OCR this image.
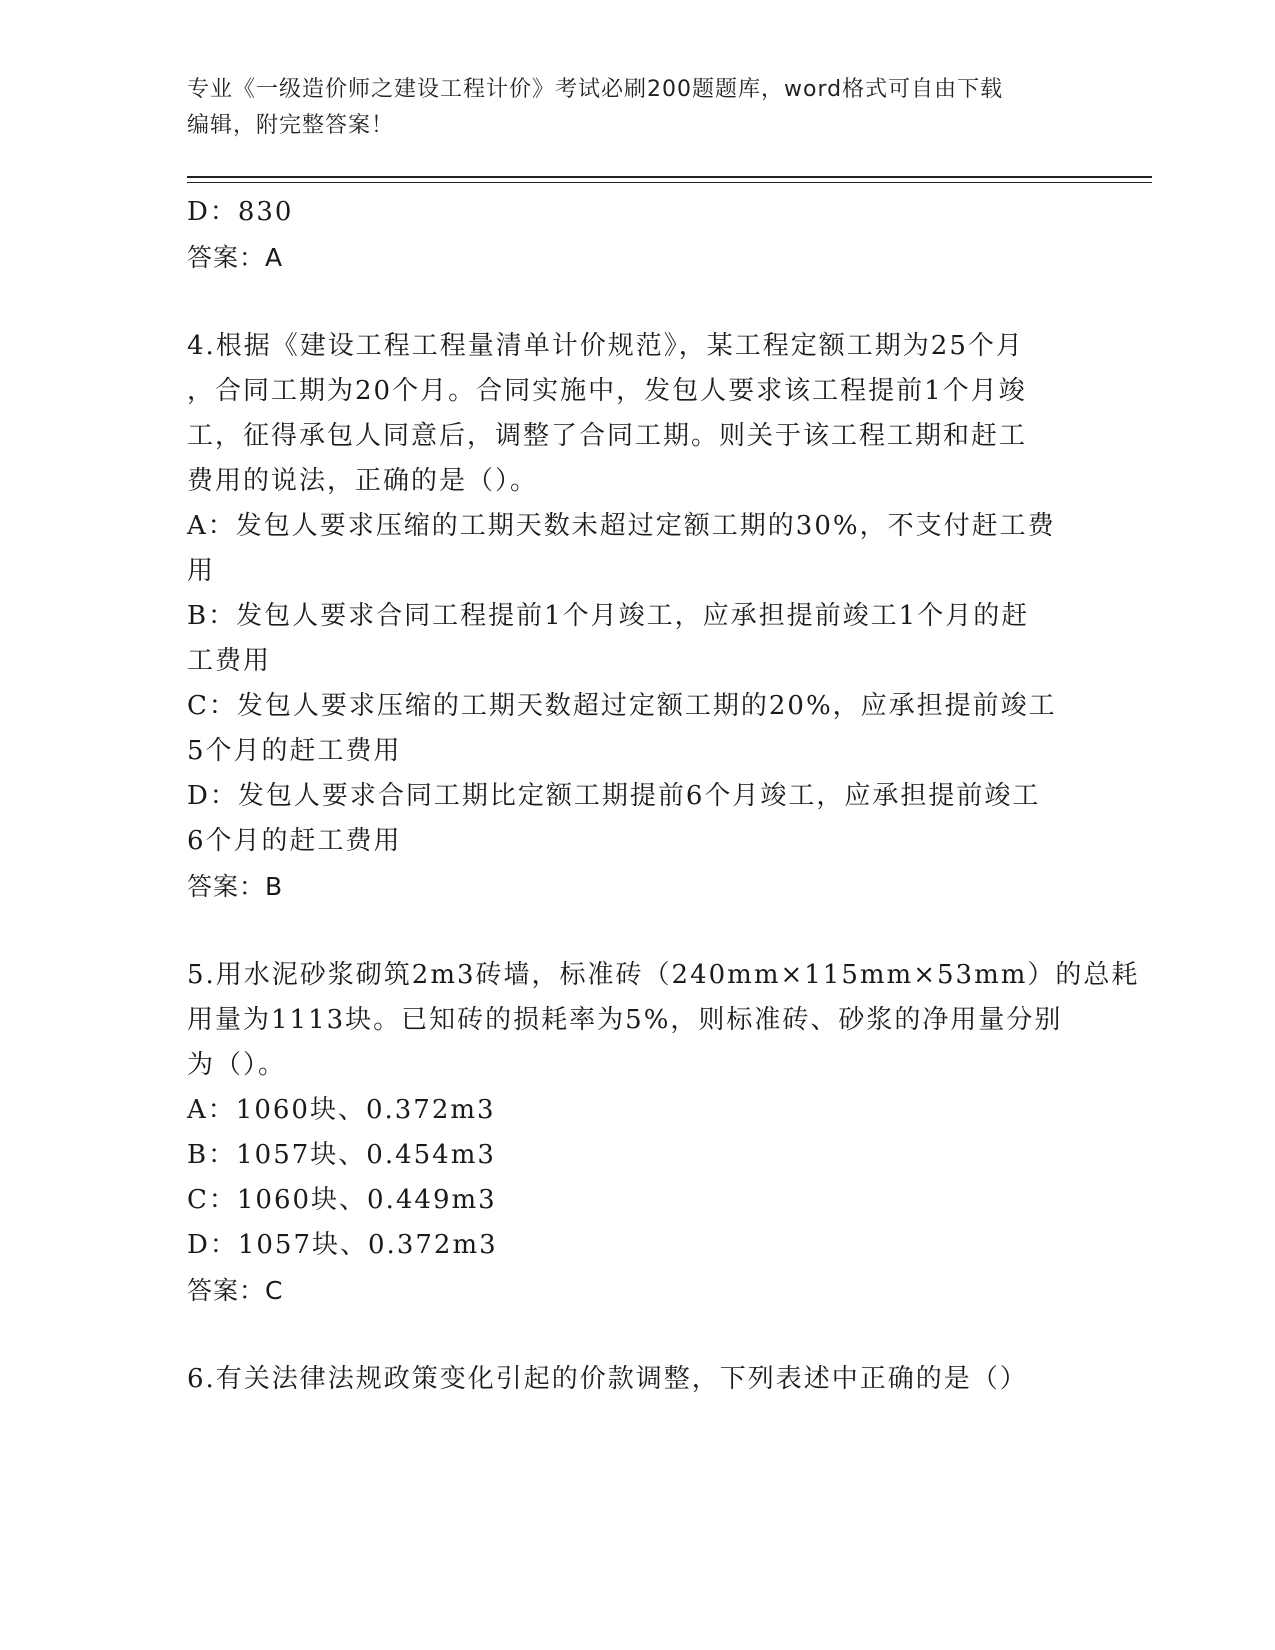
专业《一级造价师之建设工程计价》考试必刷200题题库，word格式可自由下载
编辑，附完整答案！
D：830
答案：A
4.根据《建设工程工程量清单计价规范》，某工程定额工期为25个月
，合同工期为20个月。合同实施中，发包人要求该工程提前1个月竣
工，征得承包人同意后，调整了合同工期。则关于该工程工期和赶工
费用的说法，正确的是（）。
A：发包人要求压缩的工期天数未超过定额工期的30%，不支付赶工费
用
B：发包人要求合同工程提前1个月竣工，应承担提前竣工1个月的赶
工费用
C：发包人要求压缩的工期天数超过定额工期的20%，应承担提前竣工
5个月的赶工费用
D：发包人要求合同工期比定额工期提前6个月竣工，应承担提前竣工
6个月的赶工费用
答案：B
5.用水泥砂浆砌筑2m3砖墙，标准砖（240mm×115mm×53mm）的总耗
用量为1113块。已知砖的损耗率为5%，则标准砖、砂浆的净用量分别
为（）。
A：1060块、0.372m3
B：1057块、0.454m3
C：1060块、0.449m3
D：1057块、0.372m3
答案：C
6.有关法律法规政策变化引起的价款调整，下列表述中正确的是（）
